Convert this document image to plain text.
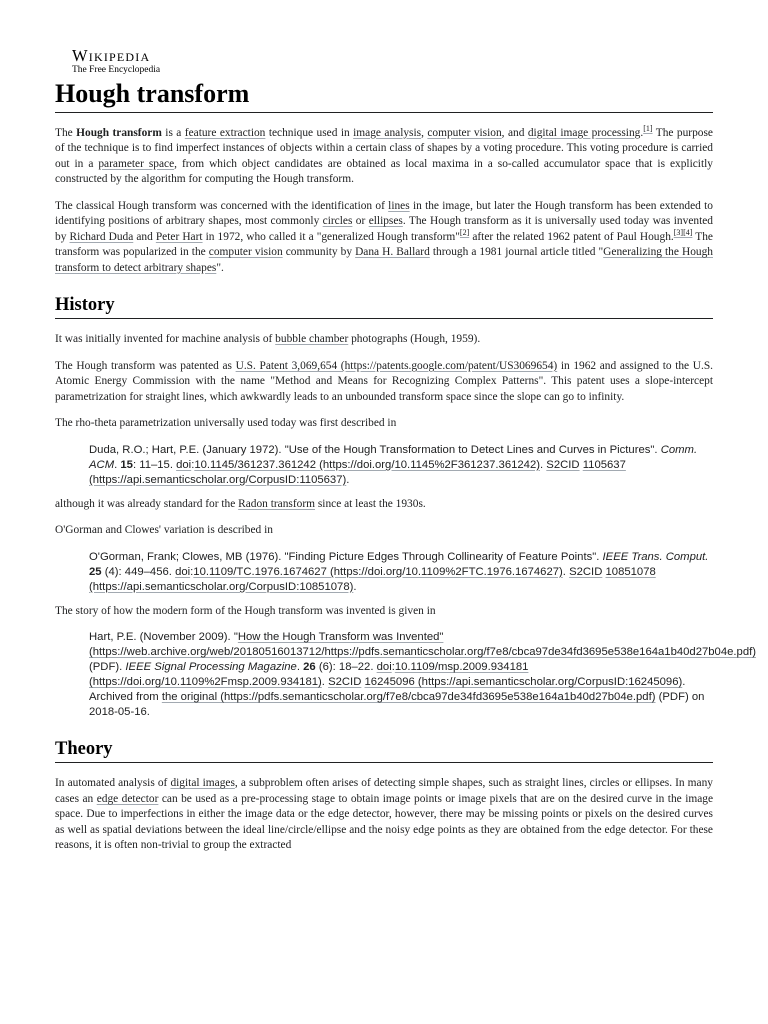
Wikipedia
The Free Encyclopedia
Hough transform

The Hough transform is a feature extraction technique used in image analysis, computer vision, and digital image processing.[1] The purpose of the technique is to find imperfect instances of objects within a certain class of shapes by a voting procedure. This voting procedure is carried out in a parameter space, from which object candidates are obtained as local maxima in a so-called accumulator space that is explicitly constructed by the algorithm for computing the Hough transform.

The classical Hough transform was concerned with the identification of lines in the image, but later the Hough transform has been extended to identifying positions of arbitrary shapes, most commonly circles or ellipses. The Hough transform as it is universally used today was invented by Richard Duda and Peter Hart in 1972, who called it a "generalized Hough transform"[2] after the related 1962 patent of Paul Hough.[3][4] The transform was popularized in the computer vision community by Dana H. Ballard through a 1981 journal article titled "Generalizing the Hough transform to detect arbitrary shapes".

History

It was initially invented for machine analysis of bubble chamber photographs (Hough, 1959).

The Hough transform was patented as U.S. Patent 3,069,654 (https://patents.google.com/patent/US3069654) in 1962 and assigned to the U.S. Atomic Energy Commission with the name "Method and Means for Recognizing Complex Patterns". This patent uses a slope-intercept parametrization for straight lines, which awkwardly leads to an unbounded transform space since the slope can go to infinity.

The rho-theta parametrization universally used today was first described in

Duda, R.O.; Hart, P.E. (January 1972). "Use of the Hough Transformation to Detect Lines and Curves in Pictures". Comm. ACM. 15: 11–15. doi:10.1145/361237.361242 (https://doi.org/10.1145%2F361237.361242). S2CID 1105637 (https://api.semanticscholar.org/CorpusID:1105637).

although it was already standard for the Radon transform since at least the 1930s.

O'Gorman and Clowes' variation is described in

O'Gorman, Frank; Clowes, MB (1976). "Finding Picture Edges Through Collinearity of Feature Points". IEEE Trans. Comput. 25 (4): 449–456. doi:10.1109/TC.1976.1674627 (https://doi.org/10.1109%2FTC.1976.1674627). S2CID 10851078 (https://api.semanticscholar.org/CorpusID:10851078).

The story of how the modern form of the Hough transform was invented is given in

Hart, P.E. (November 2009). "How the Hough Transform was Invented" (https://web.archive.org/web/20180516013712/https://pdfs.semanticscholar.org/f7e8/cbca97de34fd3695e538e164a1b40d27b04e.pdf) (PDF). IEEE Signal Processing Magazine. 26 (6): 18–22. doi:10.1109/msp.2009.934181 (https://doi.org/10.1109%2Fmsp.2009.934181). S2CID 16245096 (https://api.semanticscholar.org/CorpusID:16245096). Archived from the original (https://pdfs.semanticscholar.org/f7e8/cbca97de34fd3695e538e164a1b40d27b04e.pdf) (PDF) on 2018-05-16.

Theory

In automated analysis of digital images, a subproblem often arises of detecting simple shapes, such as straight lines, circles or ellipses. In many cases an edge detector can be used as a pre-processing stage to obtain image points or image pixels that are on the desired curve in the image space. Due to imperfections in either the image data or the edge detector, however, there may be missing points or pixels on the desired curves as well as spatial deviations between the ideal line/circle/ellipse and the noisy edge points as they are obtained from the edge detector. For these reasons, it is often non-trivial to group the extracted
